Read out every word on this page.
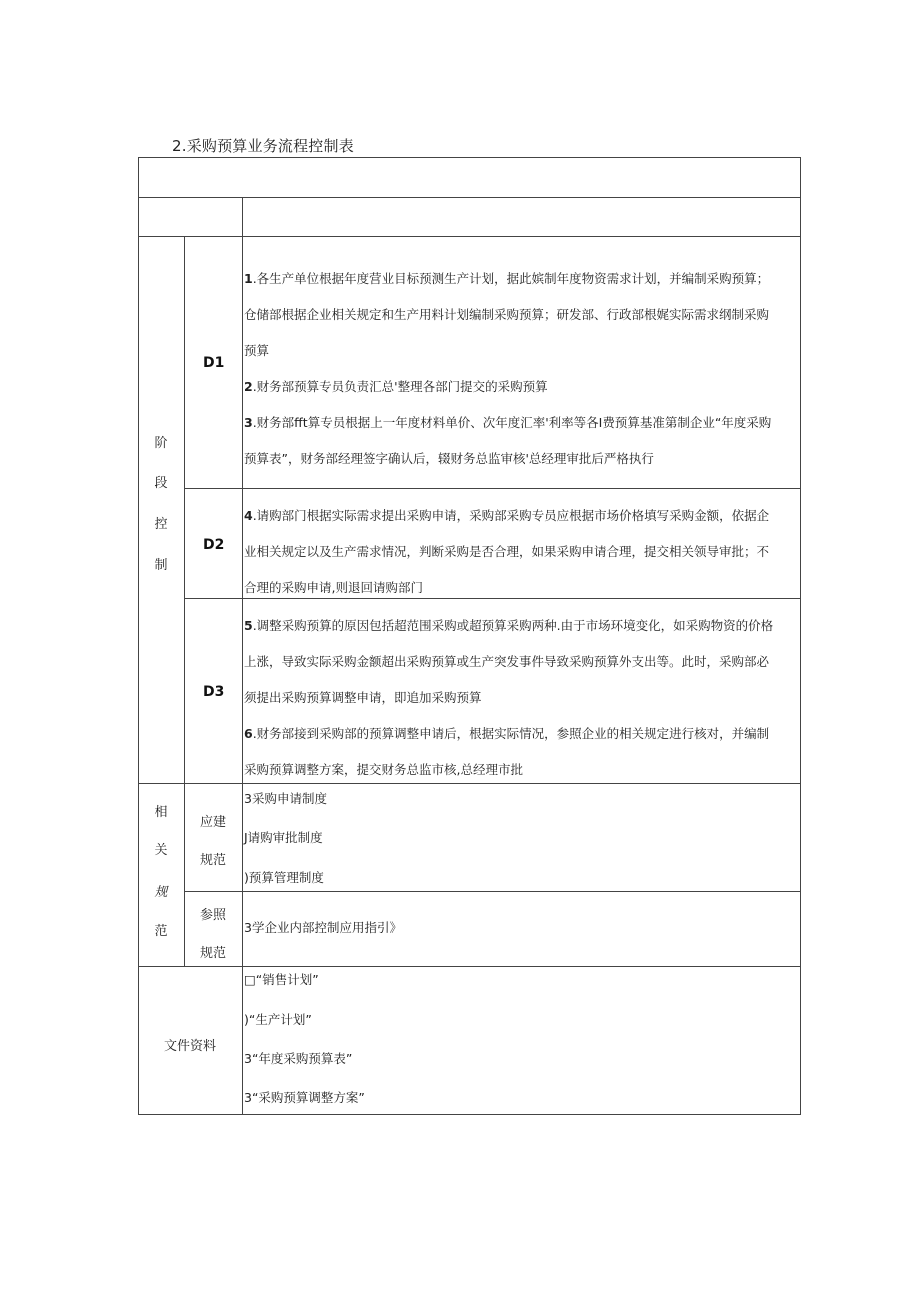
2.采购预算业务流程控制表
阶
段
控
制
D1
D2
D3
1.各生产单位根据年度营业目标预测生产计划，据此嫔制年度物资需求计划，并编制采购预算；
仓储部根据企业相关规定和生产用料计划编制采购预算；研发部、行政部根娓实际需求纲制采购
预算
2.财务部预算专员负责汇总'整理各部门提交的采购预算
3.财务部fft算专员根据上一年度材料单价、次年度汇率'利率等各I费预算基准第制企业“年度采购
预算表”，财务部经理签字确认后，辍财务总监审核'总经理审批后严格执行
4.请购部门根据实际需求提出采购申请，采购部采购专员应根据市场价格填写采购金额，依据企
业相关规定以及生产需求情况，判断采购是否合理，如果采购申请合理，提交相关领导审批；不
合理的采购申请,则退回请购部门
5.调整采购预算的原因包括超范围采购或超预算采购两种.由于市场环境变化，如采购物资的价格
上涨，导致实际采购金额超出采购预算或生产突发事件导致采购预算外支出等。此时，采购部必
须提出采购预算调整申请，即追加采购预算
6.财务部接到采购部的预算调整申请后，根据实际情况，参照企业的相关规定进行核对，并编制
采购预算调整方案，提交财务总监市核,总经理市批
相
关
规
范
应建
规范
3采购申请制度
J请购审批制度
)预算管理制度
参照
规范
3学企业内部控制应用指引》
文件资料
□“销售计划”
)“生产计划”
3“年度采购预算表”
3“采购预算调整方案”
